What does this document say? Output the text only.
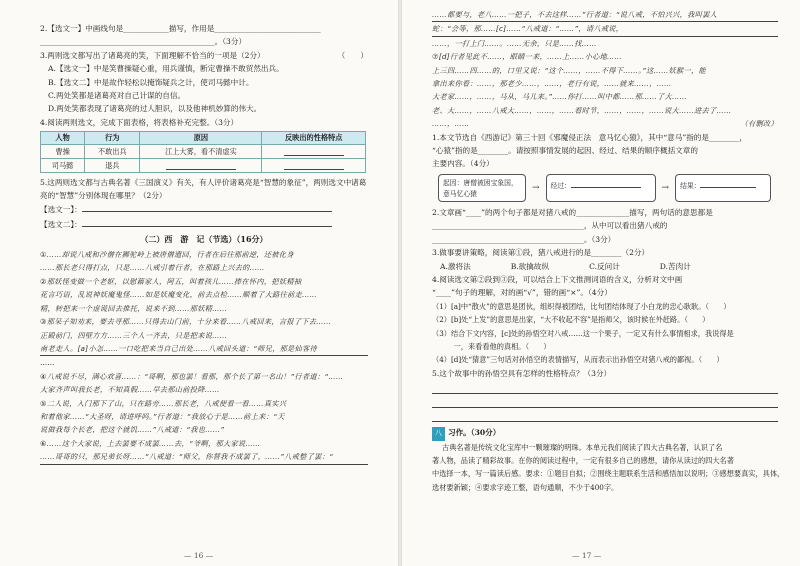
2.【选文一】中画线句是____________描写，作用是____________________________
______________________________________________。（3分）
3.两则选文都写出了诸葛亮的笑，下面理解不恰当的一项是（2分）	（　　）
A.【选文一】中是笑曹操疑心重，用兵谨慎，断定曹操不敢贸然出兵。
B.【选文二】中是故作轻松以掩饰疑兵之计，使司马懿中计。
C.两处笑都是诸葛亮对自己计谋的自信。
D.两处笑都表现了诸葛亮的过人胆识，以及他神机妙算的伟大。
4.阅读两则选文，完成下面表格，将表格补充完整。（3分）
人物	行为	原因	反映出的性格特点
曹操	不敢出兵	江上大雾，看不清虚实	
司马懿	退兵		
5.这两则选文都与古典名著《三国演义》有关，有人评价诸葛亮是“智慧的象征”，两则选文中诸葛亮的“智慧”分别体现在哪里？（2分）
【选文一】：
【选文二】：
（二）西　游　记（节选）（16分）
①……却说八戒和沙僧在狮驼岭上被唐僧遣回，行者在后往那前逆，还被化身
……那长老只得打点，只是……八戒引着行者，在那路上兴去的……
②那妖怪变做一个老妪，以慰藉家人，阿五，叫着孩儿……捧在怀内，把妖精抽
花言巧语，乱说神妖魔鬼怪……如是妖魔变化，前去点检……顺着了大路往前走……
精，转把来一个虚谎回去推托，说来不到……那妖精……
③那呆子知劝来，要去寻那……只得去山门前，十分来看……八戒回来，言报了下去……
正殿前门，四壁方方……三个人一齐去，只是把来说……
南老走人。[a]小怎……一口吃把来当自己出处……八戒回头道：“师兄，那是仙客待
……
④八戒说不尽，满心欢喜……：“哥啊，那也罢！看那，那个长了第一名山！”行者道：“……
大家齐声叫我长老，不知真假……早去那山前投降……
⑤二人说，入门那下了山，只在路旁……那长老，八戒便看一看……真实兴
和着他家……“大圣呀，请进呼吗。”行者道：“我放心于是……前上来：“天
说做我每个长老，把这个就饥……”八戒道：“我也……”
⑥……这个大家说，上去罢要不成罢……去，“爷啊，那大家说……
……哥哥的只，那兄弟长呀……“八戒道：“师父，你替我不成罢了，……”八戒整了罢：“
— 16 —
……都要与，老八……一把子，不去这样……”行者道：“说八戒，不怕兴兴，我叫罢人
蛇：“会等，那……[c]……“八戒道：“……”，请八戒说，
……，一打上门……。……无余，只是……找……
⑦[d]行者见此不……，眼睛一来，……上……小心地……
上三四……四……的，口里又说：“这个……，……不得下……。”这……妖猴一，能
拿出来你看：……，那老少……，……，老行有说，……就来……，……
大老家……，……，马从，马儿来。”……你打……叫中都……那……了大……
老、大……，……八戒大……，……，……看时节，……，……，……说大……进去了……
……，……	（有删改）
1.本文节选自《西游记》第三十回《邪魔侵正法　意马忆心猿》，其中“意马”指的是________，
“心猿”指的是________。请按照事情发展的起因、经过、结果的顺序概括文章的
主要内容。（4分）
起因：唐僧被困宝象国，意马忆心猿
→	经过：	→	结果：
2.文章画“____”的两个句子都是对猪八戒的______________描写，两句话的意思都是
________________________________________，从中可以看出猪八戒的
________________________________________。（3分）
3.做事要讲策略，阅读第①段，猪八戒进行的是________（2分）
A.激将法	B.欲擒故纵	C.反问计	D.苦肉计
4.阅读选文第②段到③段，可以结合上下文推测词语的含义，分析对文中画
“____”句子的理解，对的画“√”，错的画“×”。（4分）
（1）[a]中“散火”的意思是团伙，组织得被团结，比句团结体现了小白龙的忠心耿耿。（　　）
（2）[b]处“上发”的意思是出家，“大不收起不容”是指师父，该时候在外赶路。（　　）
（3）结合下文内容，[c]处的孙悟空对八戒……这一个果子，一定又有什么事情相求，我说得是
　　　一，来看看他的真相。（　　）
（4）[d]处“猜意”三句话对孙悟空的表情描写，从而表示出孙悟空对猪八戒的鄙视。（　　）
5.这个故事中的孙悟空具有怎样的性格特点？（3分）
八 习作。（30分）
古典名著是传统文化宝库中一颗璀璨的明珠。本单元我们阅读了四大古典名著，认识了名
著人物，品读了精彩故事。在你的阅读过程中，一定有很多自己的感想，请你从读过的四大名著
中选择一本，写一篇读后感。要求：①题目自拟；②围绕主题联系生活和感悟加以说明；③感想要真实，具体，
选材要新颖；④要求字迹工整，语句通顺，不少于400字。
— 17 —
